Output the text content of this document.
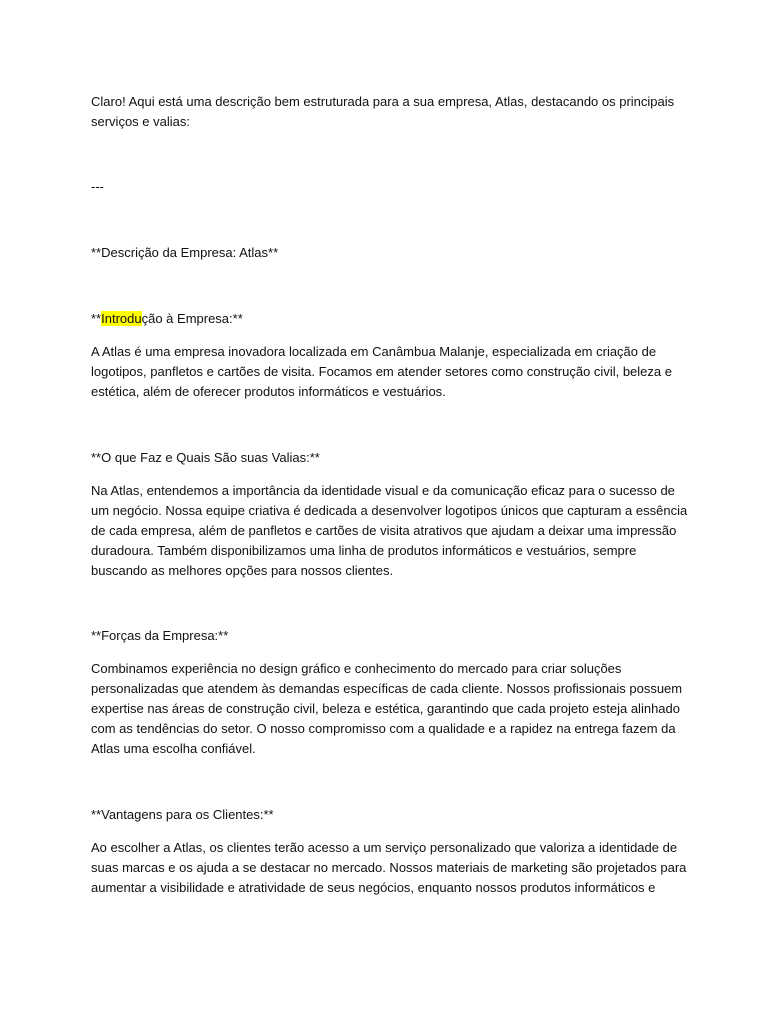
Claro! Aqui está uma descrição bem estruturada para a sua empresa, Atlas, destacando os principais serviços e valias:

---

**Descrição da Empresa: Atlas**

**Introdução à Empresa:**

A Atlas é uma empresa inovadora localizada em Canâmbua Malanje, especializada em criação de logotipos, panfletos e cartões de visita. Focamos em atender setores como construção civil, beleza e estética, além de oferecer produtos informáticos e vestuários.

**O que Faz e Quais São suas Valias:**

Na Atlas, entendemos a importância da identidade visual e da comunicação eficaz para o sucesso de um negócio. Nossa equipe criativa é dedicada a desenvolver logotipos únicos que capturam a essência de cada empresa, além de panfletos e cartões de visita atrativos que ajudam a deixar uma impressão duradoura. Também disponibilizamos uma linha de produtos informáticos e vestuários, sempre buscando as melhores opções para nossos clientes.

**Forças da Empresa:**

Combinamos experiência no design gráfico e conhecimento do mercado para criar soluções personalizadas que atendem às demandas específicas de cada cliente. Nossos profissionais possuem expertise nas áreas de construção civil, beleza e estética, garantindo que cada projeto esteja alinhado com as tendências do setor. O nosso compromisso com a qualidade e a rapidez na entrega fazem da Atlas uma escolha confiável.

**Vantagens para os Clientes:**

Ao escolher a Atlas, os clientes terão acesso a um serviço personalizado que valoriza a identidade de suas marcas e os ajuda a se destacar no mercado. Nossos materiais de marketing são projetados para aumentar a visibilidade e atratividade de seus negócios, enquanto nossos produtos informáticos e
